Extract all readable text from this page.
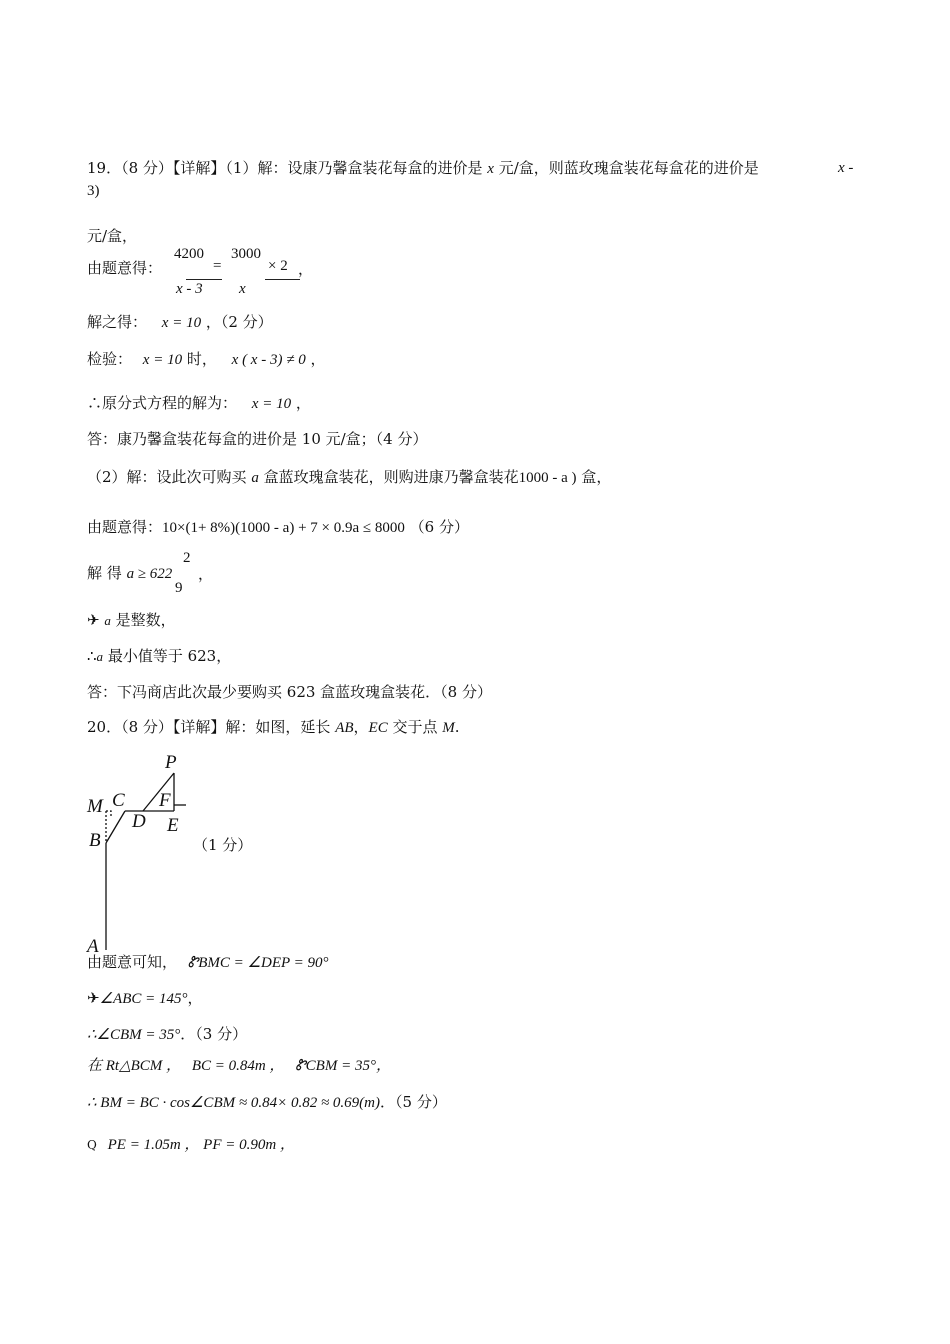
19．（8 分）【详解】（1）解：设康乃馨盒装花每盒的进价是 x 元/盒，则蓝玫瑰盒装花每盒花的进价是	x -
3)
元/盒，
由题意得：
4200
x - 3
=
3000
x
× 2 ，
解之得： x = 10 ，（2 分）
检验： x = 10 时， x ( x - 3) ≠ 0 ，
∴原分式方程的解为： x = 10 ，
答：康乃馨盒装花每盒的进价是 10 元/盒；（4 分）
（2）解：设此次可购买 a 盒蓝玫瑰盒装花，则购进康乃馨盒装花1000 - a ) 盒，
由题意得：10×(1+ 8%)(1000 - a) + 7 × 0.9a ≤ 8000 （6 分）
解 得 a ≥ 622
2
9
，
✈ a 是整数，
∴a 最小值等于 623，
答：下冯商店此次最少要购买 623 盒蓝玫瑰盒装花．（8 分）
20．（8 分）【详解】解：如图，延长 AB，EC 交于点 M.
P
M C F
D E
B
A
（1 分）
由题意可知， ᏑBMC = ∠DEP = 90°
✈∠ABC = 145°，
∴∠CBM = 35°．（3 分）
在 Rt△BCM ， BC = 0.84m ， ᏑCBM = 35°，
∴ BM = BC · cos∠CBM ≈ 0.84× 0.82 ≈ 0.69(m)．（5 分）
Q PE = 1.05m ， PF = 0.90m ，
